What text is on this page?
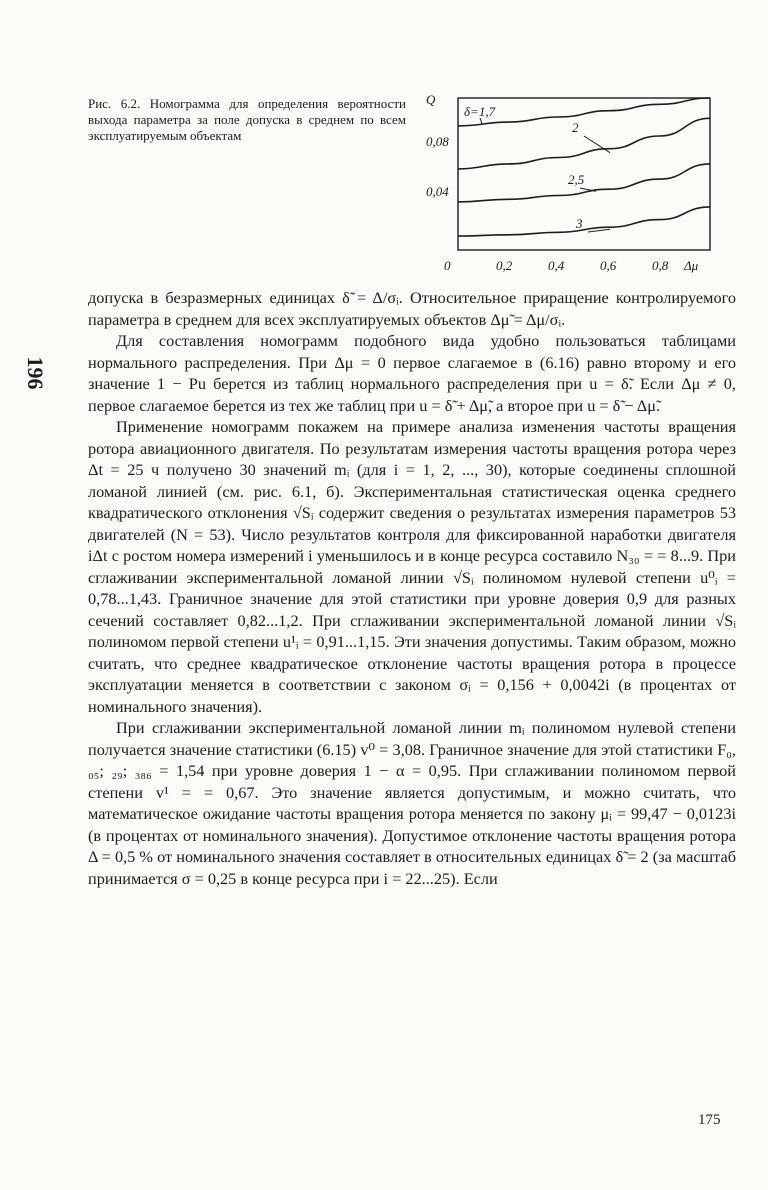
Рис. 6.2. Номограмма для определения вероятности выхода параметра за поле допуска в среднем по всем эксплуатируемым объектам
Q
0,08
0,04
0	0,2	0,4	0,6	0,8 Δμ
δ=1,7
2
2,5
3
196

допуска в безразмерных единицах δ̃ = Δ/σᵢ. Относительное приращение контролируемого параметра в среднем для всех эксплуатируемых объектов Δμ̃ = Δμ/σᵢ.

Для составления номограмм подобного вида удобно пользоваться таблицами нормального распределения. При Δμ = 0 первое слагаемое в (6.16) равно второму и его значение 1 − Pu берется из таблиц нормального распределения при u = δ̃. Если Δμ ≠ 0, первое слагаемое берется из тех же таблиц при u = δ̃ + Δμ̃, а второе при u = δ̃ − Δμ̃.

Применение номограмм покажем на примере анализа изменения частоты вращения ротора авиационного двигателя. По результатам измерения частоты вращения ротора через Δt = 25 ч получено 30 значений mᵢ (для i = 1, 2, ..., 30), которые соединены сплошной ломаной линией (см. рис. 6.1, б). Экспериментальная статистическая оценка среднего квадратического отклонения √Sᵢ содержит сведения о результатах измерения параметров 53 двигателей (N = 53). Число результатов контроля для фиксированной наработки двигателя iΔt с ростом номера измерений i уменьшилось и в конце ресурса составило N₃₀ = = 8...9. При сглаживании экспериментальной ломаной линии √Sᵢ полиномом нулевой степени u⁰ᵢ = 0,78...1,43. Граничное значение для этой статистики при уровне доверия 0,9 для разных сечений составляет 0,82...1,2. При сглаживании экспериментальной ломаной линии √Sᵢ полиномом первой степени u¹ᵢ = 0,91...1,15. Эти значения допустимы. Таким образом, можно считать, что среднее квадратическое отклонение частоты вращения ротора в процессе эксплуатации меняется в соответствии с законом σᵢ = 0,156 + 0,0042i (в процентах от номинального значения).

При сглаживании экспериментальной ломаной линии mᵢ полиномом нулевой степени получается значение статистики (6.15) v⁰ = 3,08. Граничное значение для этой статистики F₀, ₀₅; ₂₉; ₃₈₆ = 1,54 при уровне доверия 1 − α = 0,95. При сглаживании полиномом первой степени v¹ = = 0,67. Это значение является допустимым, и можно считать, что математическое ожидание частоты вращения ротора меняется по закону μᵢ = 99,47 − 0,0123i (в процентах от номинального значения). Допустимое отклонение частоты вращения ротора Δ = 0,5 % от номинального значения составляет в относительных единицах δ̃ = 2 (за масштаб принимается σ = 0,25 в конце ресурса при i = 22...25). Если

175
